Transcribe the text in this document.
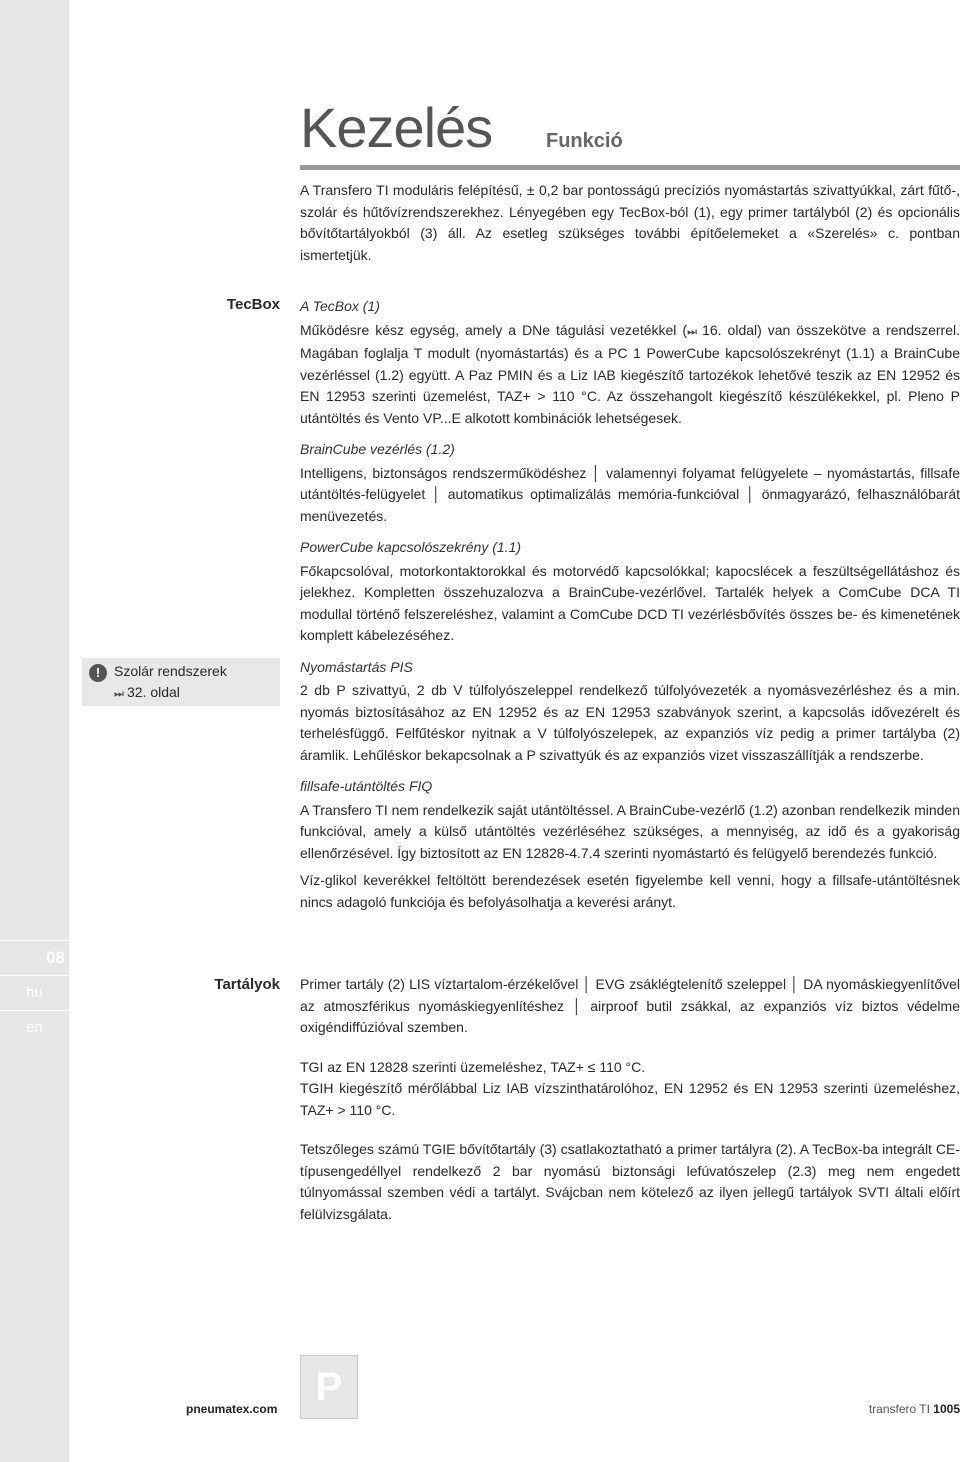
08
hu
en
Kezelés	Funkció
A Transfero TI moduláris felépítésű, ± 0,2 bar pontosságú precíziós nyomástartás szivattyúkkal, zárt fűtő-, szolár és hűtővízrendszerekhez. Lényegében egy TecBox-ból (1), egy primer tartályból (2) és opcionális bővítőtartályokból (3) áll. Az esetleg szükséges további építőelemeket a «Szerelés» c. pontban ismertetjük.
TecBox A TecBox (1)

Működésre kész egység, amely a DNe tágulási vezetékkel (⏭ 16. oldal) van összekötve a rendszerrel. Magában foglalja T modult (nyomástartás) és a PC 1 PowerCube kapcsolószekrényt (1.1) a BrainCube vezérléssel (1.2) együtt. A Paz PMIN és a Liz IAB kiegészítő tartozékok lehetővé teszik az EN 12952 és EN 12953 szerinti üzemelést, TAZ+ > 110 °C. Az összehangolt kiegészítő készülékekkel, pl. Pleno P utántöltés és Vento VP...E alkotott kombinációk lehetségesek.

BrainCube vezérlés (1.2)

Intelligens, biztonságos rendszerműködéshez │ valamennyi folyamat felügyelete – nyomástartás, fillsafe utántöltés-felügyelet │ automatikus optimalizálás memória-funkcióval │ önmagyarázó, felhasználóbarát menüvezetés.

PowerCube kapcsolószekrény (1.1)

Főkapcsolóval, motorkontaktorokkal és motorvédő kapcsolókkal; kapocslécek a feszültségellátáshoz és jelekhez. Kompletten összehuzalozva a BrainCube-vezérlővel. Tartalék helyek a ComCube DCA TI modullal történő felszereléshez, valamint a ComCube DCD TI vezérlésbővítés összes be- és kimenetének komplett kábelezéséhez.

Nyomástartás PIS

2 db P szivattyú, 2 db V túlfolyószeleppel rendelkező túlfolyóvezeték a nyomásvezérléshez és a min. nyomás biztosításához az EN 12952 és az EN 12953 szabványok szerint, a kapcsolás idővezérelt és terhelésfüggő. Felfűtéskor nyitnak a V túlfolyószelepek, az expanziós víz pedig a primer tartályba (2) áramlik. Lehűléskor bekapcsolnak a P szivattyúk és az expanziós vizet visszaszállítják a rendszerbe.

fillsafe-utántöltés FIQ

A Transfero TI nem rendelkezik saját utántöltéssel. A BrainCube-vezérlő (1.2) azonban rendelkezik minden funkcióval, amely a külső utántöltés vezérléséhez szükséges, a mennyiség, az idő és a gyakoriság ellenőrzésével. Így biztosított az EN 12828-4.7.4 szerinti nyomástartó és felügyelő berendezés funkció.

Víz-glikol keverékkel feltöltött berendezések esetén figyelembe kell venni, hogy a fillsafe-utántöltésnek nincs adagoló funkciója és befolyásolhatja a keverési arányt.

! Szolár rendszerek
⏭ 32. oldal
Tartályok Primer tartály (2) LIS víztartalom-érzékelővel │ EVG zsáklégtelenítő szeleppel │ DA nyomáskiegyenlítővel az atmoszférikus nyomáskiegyenlítéshez │ airproof butil zsákkal, az expanziós víz biztos védelme oxigéndiffúzióval szemben.

TGI az EN 12828 szerinti üzemeléshez, TAZ+ ≤ 110 °C.

TGIH kiegészítő mérőlábbal Liz IAB vízszinthatárolóhoz, EN 12952 és EN 12953 szerinti üzemeléshez, TAZ+ > 110 °C.

Tetszőleges számú TGIE bővítőtartály (3) csatlakoztatható a primer tartályra (2). A TecBox-ba integrált CE-típusengedéllyel rendelkező 2 bar nyomású biztonsági lefúvatószelep (2.3) meg nem engedett túlnyomással szemben védi a tartályt. Svájcban nem kötelező az ilyen jellegű tartályok SVTI általi előírt felülvizsgálata.

P
pneumatex.com	transfero TI 1005
